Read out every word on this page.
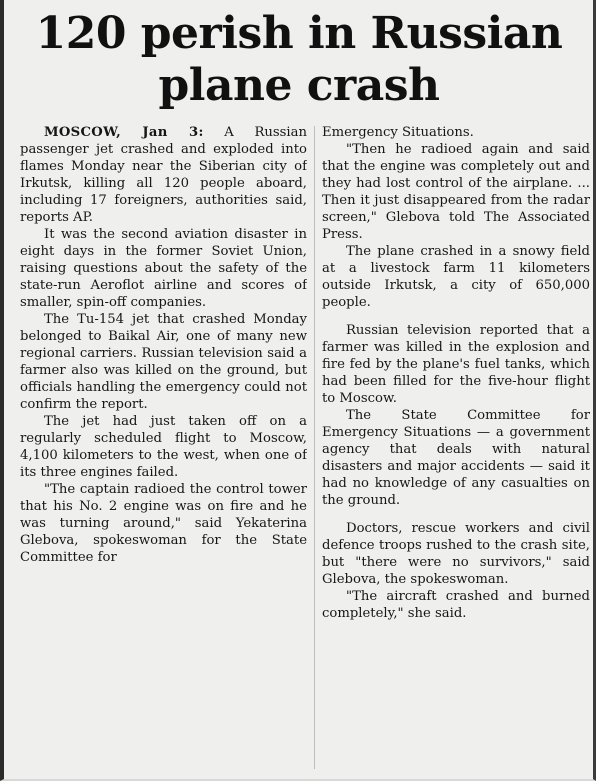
120 perish in Russian
plane crash

MOSCOW, Jan 3: A Russian passenger jet crashed and exploded into flames Monday near the Siberian city of Irkutsk, killing all 120 people aboard, including 17 foreigners, authorities said, reports AP.

It was the second aviation disaster in eight days in the former Soviet Union, raising questions about the safety of the state-run Aeroflot airline and scores of smaller, spin-off companies.

The Tu-154 jet that crashed Monday belonged to Baikal Air, one of many new regional carriers. Russian television said a farmer also was killed on the ground, but officials handling the emergency could not confirm the report.

The jet had just taken off on a regularly scheduled flight to Moscow, 4,100 kilometers to the west, when one of its three engines failed.

"The captain radioed the control tower that his No. 2 engine was on fire and he was turning around," said Yekaterina Glebova, spokeswoman for the State Committee for

Emergency Situations.

"Then he radioed again and said that the engine was completely out and they had lost control of the airplane. ... Then it just disappeared from the radar screen," Glebova told The Associated Press.

The plane crashed in a snowy field at a livestock farm 11 kilometers outside Irkutsk, a city of 650,000 people.

Russian television reported that a farmer was killed in the explosion and fire fed by the plane's fuel tanks, which had been filled for the five-hour flight to Moscow.

The State Committee for Emergency Situations — a government agency that deals with natural disasters and major accidents — said it had no knowledge of any casualties on the ground.

Doctors, rescue workers and civil defence troops rushed to the crash site, but "there were no survivors," said Glebova, the spokeswoman.

"The aircraft crashed and burned completely," she said.
